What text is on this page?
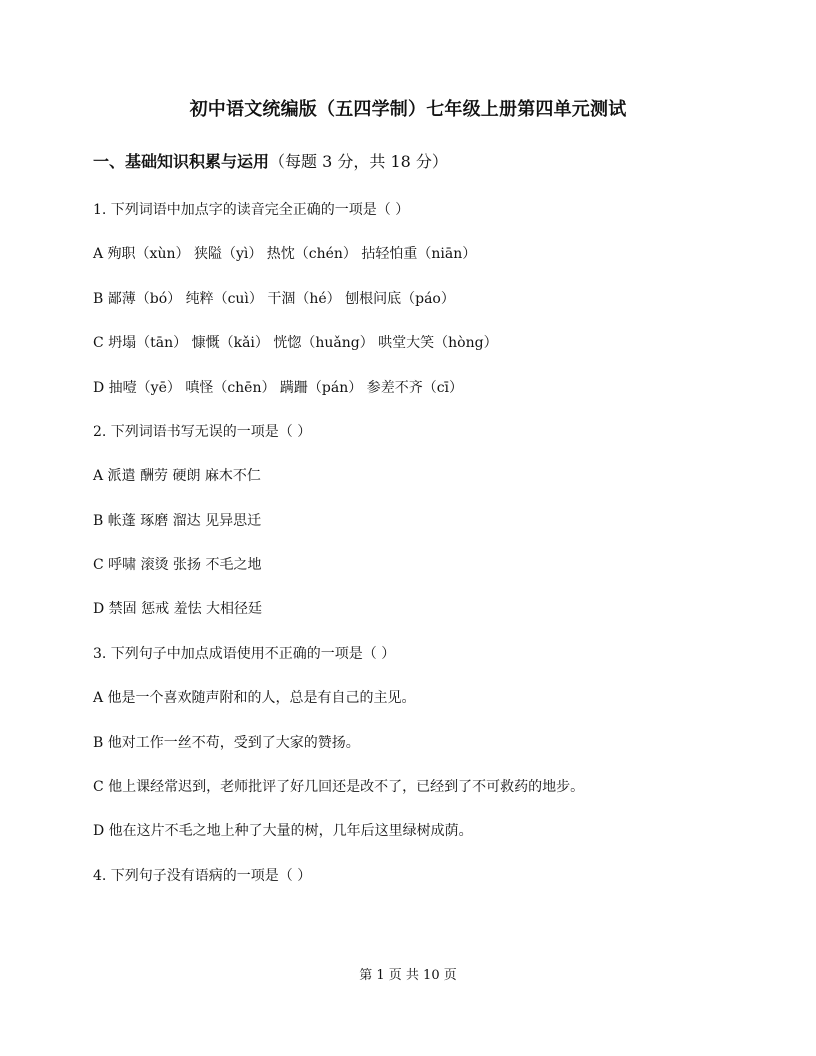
初中语文统编版（五四学制）七年级上册第四单元测试
一、基础知识积累与运用（每题 3 分，共 18 分）
1. 下列词语中加点字的读音完全正确的一项是（ ）
A 殉职（xùn） 狭隘（yì） 热忱（chén） 拈轻怕重（niān）
B 鄙薄（bó） 纯粹（cuì） 干涸（hé） 刨根问底（páo）
C 坍塌（tān） 慷慨（kǎi） 恍惚（huǎng） 哄堂大笑（hòng）
D 抽噎（yē） 嗔怪（chēn） 蹒跚（pán） 参差不齐（cī）
2. 下列词语书写无误的一项是（ ）
A 派遣 酬劳 硬朗 麻木不仁
B 帐蓬 琢磨 溜达 见异思迁
C 呼啸 滚烫 张扬 不毛之地
D 禁固 惩戒 羞怯 大相径廷
3. 下列句子中加点成语使用不正确的一项是（ ）
A 他是一个喜欢随声附和的人，总是有自己的主见。
B 他对工作一丝不苟，受到了大家的赞扬。
C 他上课经常迟到，老师批评了好几回还是改不了，已经到了不可救药的地步。
D 他在这片不毛之地上种了大量的树，几年后这里绿树成荫。
4. 下列句子没有语病的一项是（ ）
第 1 页 共 10 页
